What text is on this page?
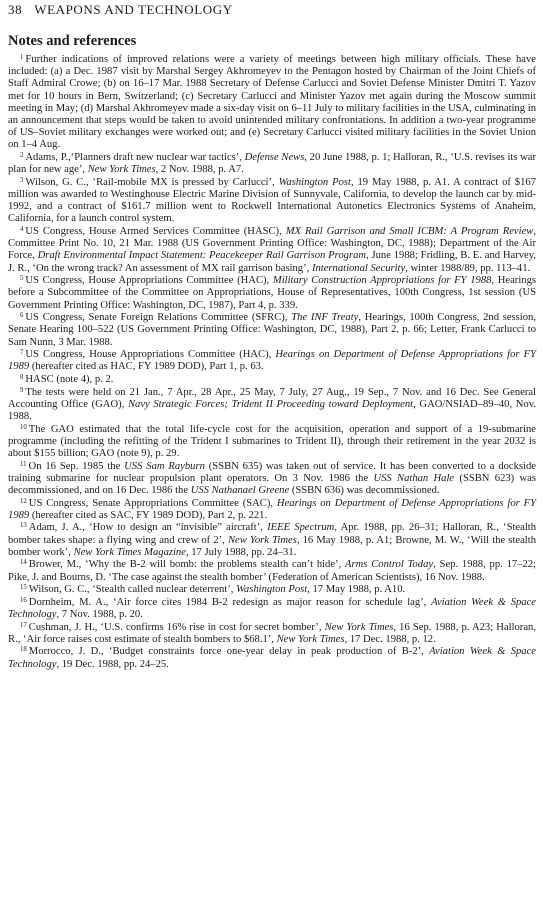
38 WEAPONS AND TECHNOLOGY
Notes and references

$^1$ Further indications of improved relations were a variety of meetings between high military officials. These have included: (a) a Dec. 1987 visit by Marshal Sergey Akhromeyev to the Pentagon hosted by Chairman of the Joint Chiefs of Staff Admiral Crowe; (b) on 16–17 Mar. 1988 Secretary of Defense Carlucci and Soviet Defense Minister Dmitri T. Yazov met for 10 hours in Bern, Switzerland; (c) Secretary Carlucci and Minister Yazov met again during the Moscow summit meeting in May; (d) Marshal Akhromeyev made a six-day visit on 6–11 July to military facilities in the USA, culminating in an announcement that steps would be taken to avoid unintended military confrontations. In addition a two-year programme of US–Soviet military exchanges were worked out; and (e) Secretary Carlucci visited military facilities in the Soviet Union on 1–4 Aug.

$^2$ Adams, P.,‘Planners draft new nuclear war tactics’, Defense News, 20 June 1988, p. 1; Halloran, R., ‘U.S. revises its war plan for new age’, New York Times, 2 Nov. 1988, p. A7.

$^3$ Wilson, G. C., ‘Rail-mobile MX is pressed by Carlucci’, Washington Post, 19 May 1988, p. A1. A contract of $167 million was awarded to Westinghouse Electric Marine Division of Sunnyvale, California, to develop the launch car by mid-1992, and a contract of $161.7 million went to Rockwell International Autonetics Electronics Systems of Anaheim, California, for a launch control system.

$^4$ US Congress, House Armed Services Committee (HASC), MX Rail Garrison and Small ICBM: A Program Review, Committee Print No. 10, 21 Mar. 1988 (US Government Printing Office: Washington, DC, 1988); Department of the Air Force, Draft Environmental Impact Statement: Peacekeeper Rail Garrison Program, June 1988; Fridling, B. E. and Harvey, J. R., ‘On the wrong track? An assessment of MX rail garrison basing’, International Security, winter 1988/89, pp. 113–41.

$^5$ US Congress, House Appropriations Committee (HAC), Military Construction Appropriations for FY 1988, Hearings before a Subcommittee of the Committee on Appropriations, House of Representatives, 100th Congress, 1st session (US Government Printing Office: Washington, DC, 1987), Part 4, p. 339.

$^6$ US Congress, Senate Foreign Relations Committee (SFRC), The INF Treaty, Hearings, 100th Congress, 2nd session, Senate Hearing 100–522 (US Government Printing Office: Washington, DC, 1988), Part 2, p. 66; Letter, Frank Carlucci to Sam Nunn, 3 Mar. 1988.

$^7$ US Congress, House Appropriations Committee (HAC), Hearings on Department of Defense Appropriations for FY 1989 (hereafter cited as HAC, FY 1989 DOD), Part 1, p. 63.

$^8$ HASC (note 4), p. 2.

$^9$ The tests were held on 21 Jan., 7 Apr., 28 Apr., 25 May, 7 July, 27 Aug., 19 Sep., 7 Nov. and 16 Dec. See General Accounting Office (GAO), Navy Strategic Forces; Trident II Proceeding toward Deployment, GAO/NSIAD–89–40, Nov. 1988.

$^{10}$ The GAO estimated that the total life-cycle cost for the acquisition, operation and support of a 19-submarine programme (including the refitting of the Trident I submarines to Trident II), through their retirement in the year 2032 is about $155 billion; GAO (note 9), p. 29.

$^{11}$ On 16 Sep. 1985 the USS Sam Rayburn (SSBN 635) was taken out of service. It has been converted to a dockside training submarine for nuclear propulsion plant operators. On 3 Nov. 1986 the USS Nathan Hale (SSBN 623) was decommissioned, and on 16 Dec. 1986 the USS Nathanael Greene (SSBN 636) was decommissioned.

$^{12}$ US Congress, Senate Appropriations Committee (SAC), Hearings on Department of Defense Appropriations for FY 1989 (hereafter cited as SAC, FY 1989 DOD), Part 2, p. 221.

$^{13}$ Adam, J. A., ‘How to design an “invisible” aircraft’, IEEE Spectrum, Apr. 1988, pp. 26–31; Halloran, R., ‘Stealth bomber takes shape: a flying wing and crew of 2’, New York Times, 16 May 1988, p. A1; Browne, M. W., ‘Will the stealth bomber work’, New York Times Magazine, 17 July 1988, pp. 24–31.

$^{14}$ Brower, M., ‘Why the B-2 will bomb: the problems stealth can’t hide’, Arms Control Today, Sep. 1988, pp. 17–22; Pike, J. and Bourns, D. ‘The case against the stealth bomber’ (Federation of American Scientists), 16 Nov. 1988.

$^{15}$ Wilson, G. C., ‘Stealth called nuclear deterrent’, Washington Post, 17 May 1988, p. A10.

$^{16}$ Dornheim, M. A., ‘Air force cites 1984 B-2 redesign as major reason for schedule lag’, Aviation Week & Space Technology, 7 Nov. 1988, p. 20.

$^{17}$ Cushman, J. H., ‘U.S. confirms 16% rise in cost for secret bomber’, New York Times, 16 Sep. 1988, p. A23; Halloran, R., ‘Air force raises cost estimate of stealth bombers to $68.1’, New York Times, 17 Dec. 1988, p. 12.

$^{18}$ Morrocco, J. D., ‘Budget constraints force one-year delay in peak production of B-2’, Aviation Week & Space Technology, 19 Dec. 1988, pp. 24–25.
